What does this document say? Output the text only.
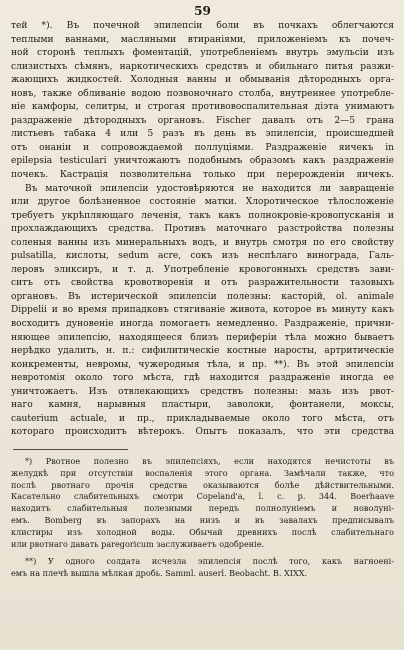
59
тей *). Въ почечной эпилепсіи боли въ почкахъ облегчаются
теплыми ваннами, масляными втираніями, приложеніемъ къ почеч-
ной сторонѣ теплыхъ фоментацій, употребленіемъ внутрь эмульсіи изъ
слизистыхъ сѣмянъ, наркотическихъ средствъ и обильнаго питья разжи-
жающихъ жидкостей. Холодныя ванны и обмыванія дѣтородныхъ орга-
новъ, также обливаніе водою позвоночнаго столба, внутреннее употребле-
ніе камфоры, селитры, и строгая противовоспалительная діэта унимаютъ
раздраженіе дѣтородныхъ органовъ. Fischer давалъ отъ 2—5 грана
листьевъ табака 4 или 5 разъ въ день въ эпилепсіи, происшедшей
отъ онаніи и сопровождаемой поллуціями. Раздраженіе яичекъ in
epilepsia testiculari уничтожаютъ подобнымъ образомъ какъ раздраженіе
почекъ. Кастрація позволительна только при перерожденіи яичекъ.
Въ маточной эпилепсіи удостовѣряются не находится ли завращеніе
или другое болѣзненное состояніе матки. Хлоротическое тѣлосложеніе
требуетъ укрѣпляющаго леченія, такъ какъ полнокровіе-кровопусканія и
прохлаждающихъ средства. Противъ маточнаго разстройства полезны
соленыя ванны изъ минеральныхъ водъ, и внутрь смотря по его свойству
pulsatilla, кислоты, sedum acre, сокъ изъ неспѣлаго винограда, Галь-
леровъ эликсиръ, и т. д. Употребленіе кровогонныхъ средствъ зави-
ситъ отъ свойства кровотворенія и отъ разражительности тазовыхъ
органовъ. Въ истерической эпилепсіи полезны: касторій, ol. animale
Dippelii и во время припадковъ стягиваніе живота, которое въ минуту какъ
восходитъ дуновеніе иногда помогаетъ немедленно. Раздраженіе, прични-
няющее эпилепсію, находящееся близъ периферіи тѣла можно бываетъ
нерѣдко удалить, н. п.: сифилитическіе костные наросты, артритическіе
конкременты, невромы, чужеродныя тѣла, и пр. **). Въ этой эпилепсіи
невротомія около того мѣста, гдѣ находится раздраженіе иногда ее
уничтожаетъ. Изъ отвлекающихъ средствъ полезны: мазь изъ рвот-
наго камня, нарывныя пластыри, заволоки, фонтанели, моксы,
cauterium actuale, и пр., прикладываемые около того мѣста, отъ
котораго происходитъ вѣтерокъ. Опытъ показалъ, что эти средства
*) Рвотное полезно въ эпилепсіяхъ, если находятся нечистоты въ
желудкѣ при отсутствіи воспаленія этого органа. Замѣчали также, что
послѣ рвотнаго прочія средства оказываются болѣе дѣйствительными.
Касательно слабительныхъ смотри Copeland'a, l. c. p. 344. Boerhaave
находитъ слабительныя полезными передъ полнолуніемъ и новолуні-
емъ. Bomberg въ запорахъ на низъ и въ завалахъ предписывалъ
клистиры изъ холодной воды. Обычай древнихъ послѣ слабительнаго
или рвотнаго давать paregoricum заслуживаетъ одобреніе.
**) У одного солдата исчезла эпилепсія послѣ того, какъ нагноені-
емъ на плечѣ вышла мѣлкая дробь. Samml. auserl. Beobacht. B. XIXX.
